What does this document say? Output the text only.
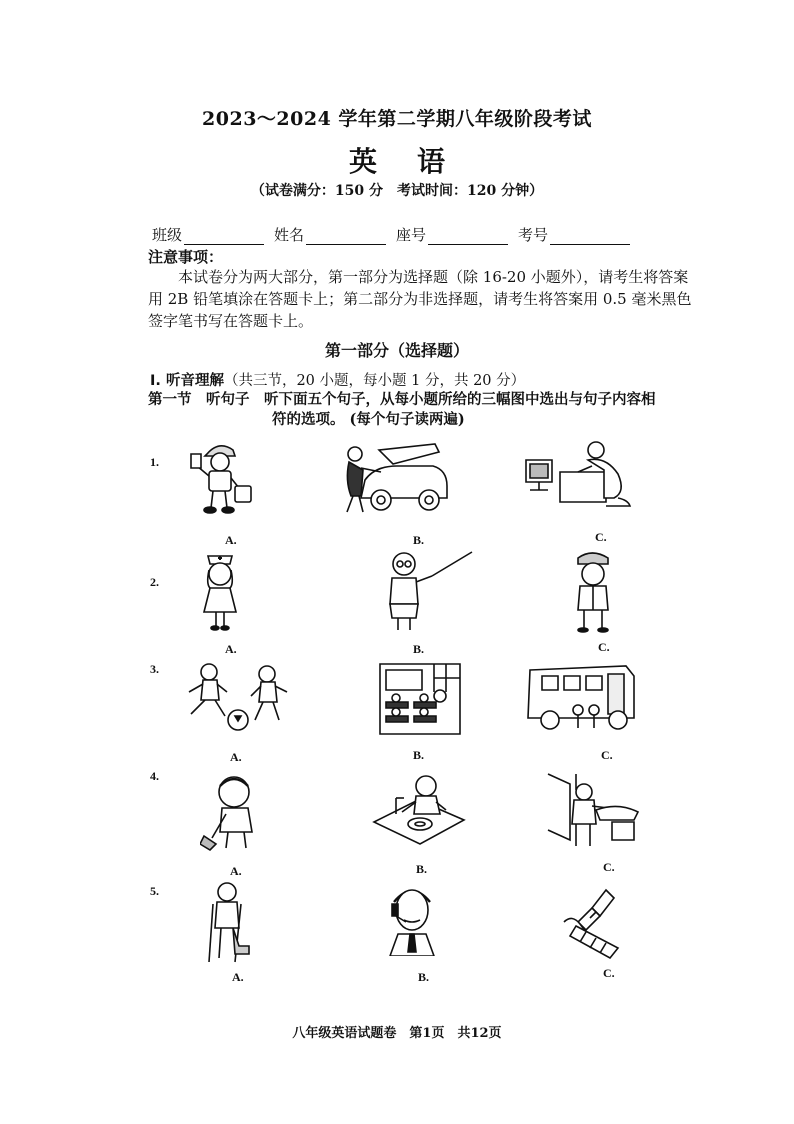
2023～2024 学年第二学期八年级阶段考试
英语
（试卷满分：150 分　考试时间：120 分钟）
班级	姓名	座号	考号
注意事项：
本试卷分为两大部分，第一部分为选择题（除 16-20 小题外），请考生将答案用 2B 铅笔填涂在答题卡上；第二部分为非选择题，请考生将答案用 0.5 毫米黑色签字笔书写在答题卡上。
第一部分（选择题）
I. 听音理解（共三节，20 小题，每小题 1 分，共 20 分）
第一节　听句子　听下面五个句子，从每小题所给的三幅图中选出与句子内容相
符的选项。 (每个句子读两遍)
1.
2.
3.
4.
5.
A.	B.	C.
A.	B.	C.
A.	B.	C.
A.	B.	C.
A.	B.	C.
八年级英语试题卷　第1页　共12页
